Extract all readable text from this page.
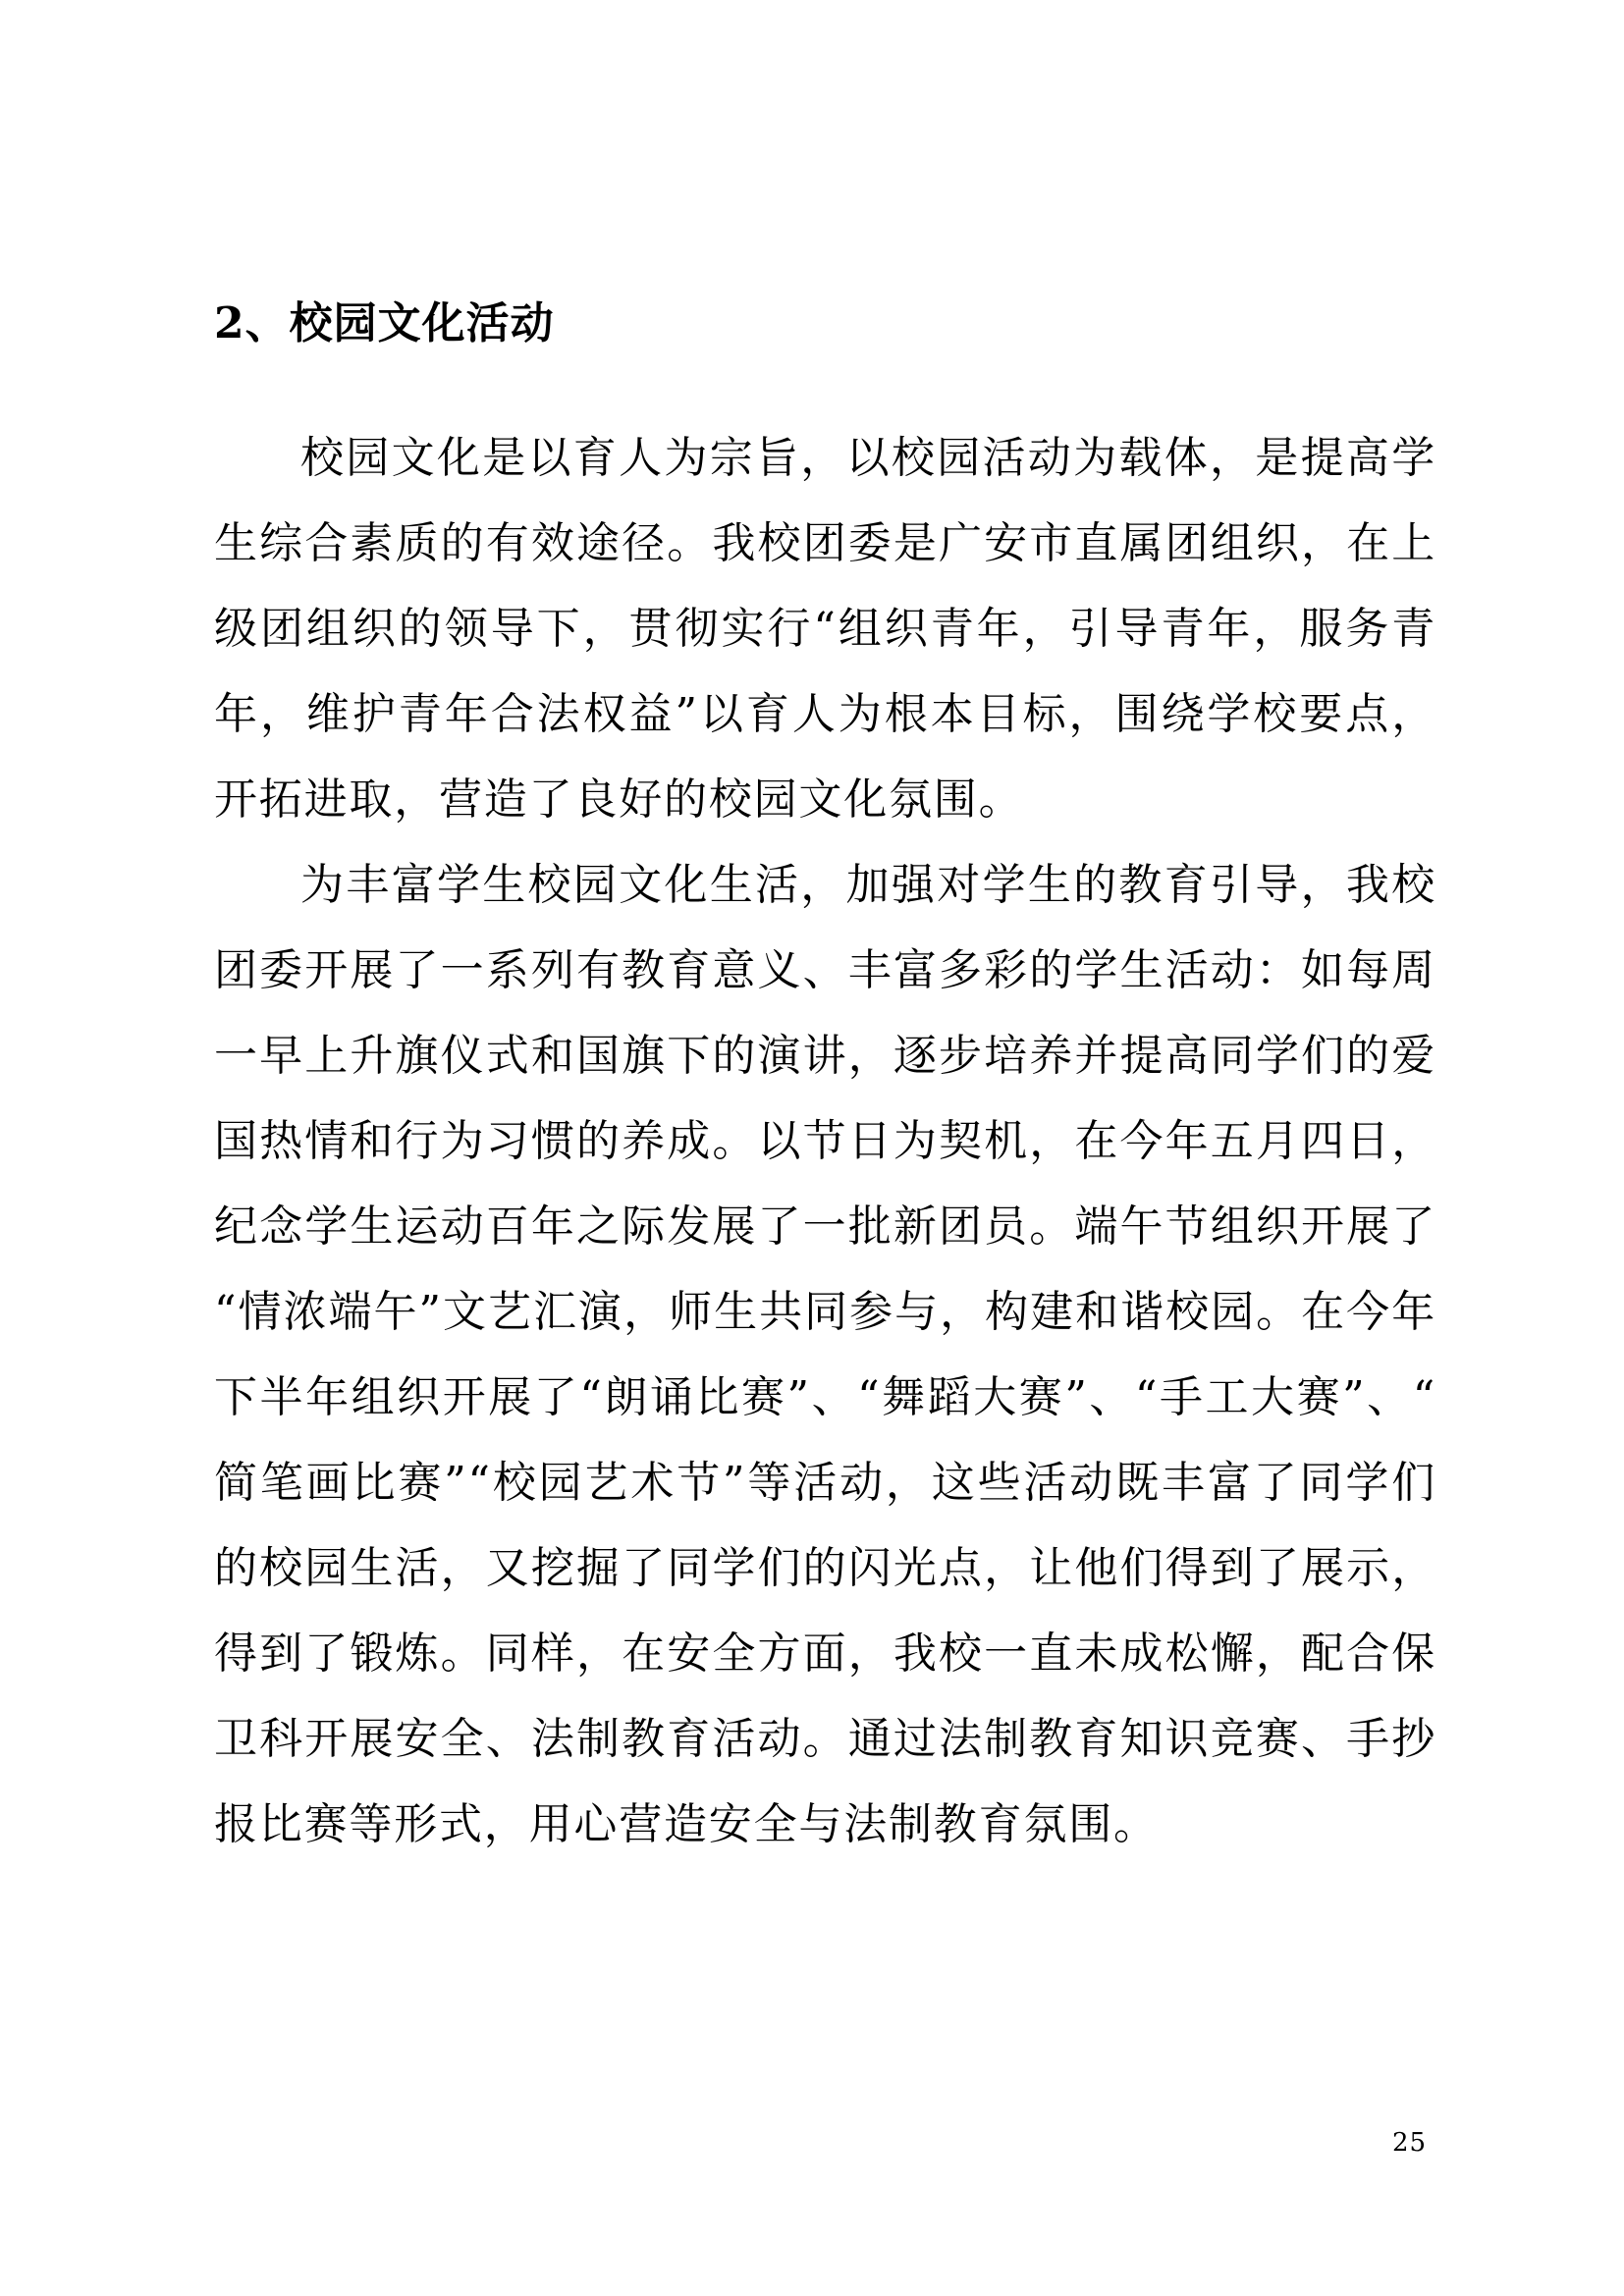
2、校园文化活动

校园文化是以育人为宗旨，以校园活动为载体，是提高学生综合素质的有效途径。我校团委是广安市直属团组织，在上级团组织的领导下，贯彻实行“组织青年，引导青年，服务青年，维护青年合法权益”以育人为根本目标，围绕学校要点，开拓进取，营造了良好的校园文化氛围。

为丰富学生校园文化生活，加强对学生的教育引导，我校团委开展了一系列有教育意义、丰富多彩的学生活动：如每周一早上升旗仪式和国旗下的演讲，逐步培养并提高同学们的爱国热情和行为习惯的养成。以节日为契机，在今年五月四日，纪念学生运动百年之际发展了一批新团员。端午节组织开展了“情浓端午”文艺汇演，师生共同参与，构建和谐校园。在今年下半年组织开展了“朗诵比赛”、“舞蹈大赛”、“手工大赛”、“简笔画比赛”“校园艺术节”等活动，这些活动既丰富了同学们的校园生活，又挖掘了同学们的闪光点，让他们得到了展示，得到了锻炼。同样，在安全方面，我校一直未成松懈，配合保卫科开展安全、法制教育活动。通过法制教育知识竞赛、手抄报比赛等形式，用心营造安全与法制教育氛围。

25
